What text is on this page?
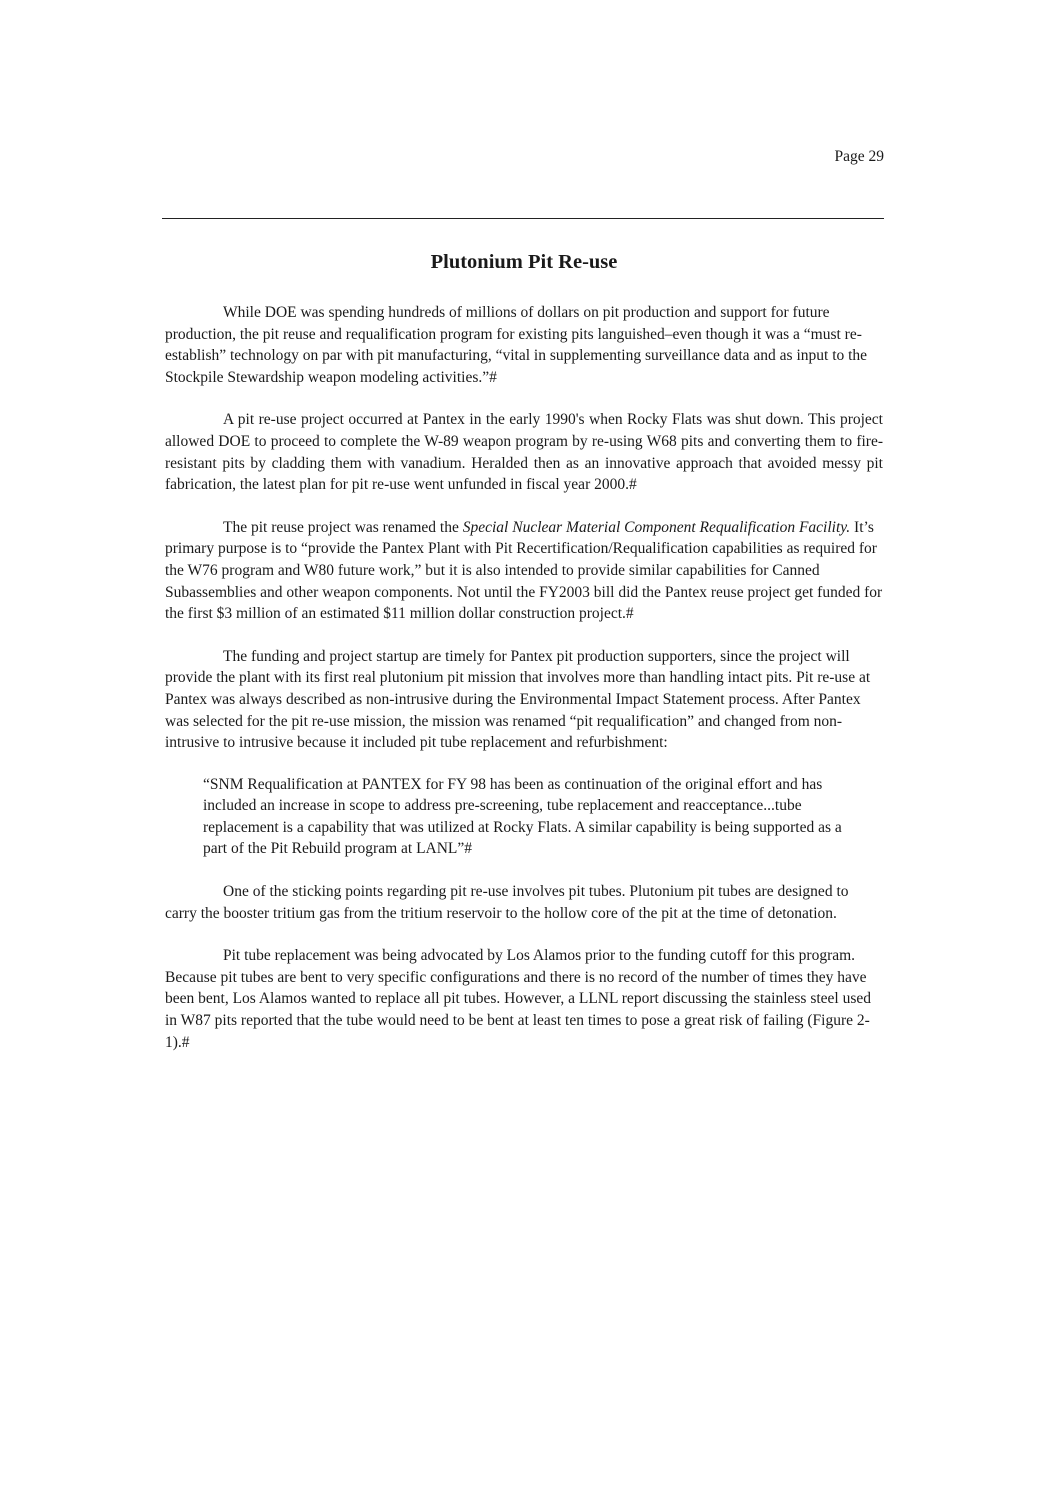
Page 29
Plutonium Pit Re-use

While DOE was spending hundreds of millions of dollars on pit production and support for future production, the pit reuse and requalification program for existing pits languished–even though it was a “must re-establish” technology on par with pit manufacturing, “vital in supplementing surveillance data and as input to the Stockpile Stewardship weapon modeling activities.”#

A pit re-use project occurred at Pantex in the early 1990's when Rocky Flats was shut down. This project allowed DOE to proceed to complete the W-89 weapon program by re-using W68 pits and converting them to fire-resistant pits by cladding them with vanadium. Heralded then as an innovative approach that avoided messy pit fabrication, the latest plan for pit re-use went unfunded in fiscal year 2000.#

The pit reuse project was renamed the Special Nuclear Material Component Requalification Facility. It’s primary purpose is to “provide the Pantex Plant with Pit Recertification/Requalification capabilities as required for the W76 program and W80 future work,” but it is also intended to provide similar capabilities for Canned Subassemblies and other weapon components. Not until the FY2003 bill did the Pantex reuse project get funded for the first $3 million of an estimated $11 million dollar construction project.#

The funding and project startup are timely for Pantex pit production supporters, since the project will provide the plant with its first real plutonium pit mission that involves more than handling intact pits. Pit re-use at Pantex was always described as non-intrusive during the Environmental Impact Statement process. After Pantex was selected for the pit re-use mission, the mission was renamed “pit requalification” and changed from non-intrusive to intrusive because it included pit tube replacement and refurbishment:

“SNM Requalification at PANTEX for FY 98 has been as continuation of the original effort and has included an increase in scope to address pre-screening, tube replacement and reacceptance...tube replacement is a capability that was utilized at Rocky Flats. A similar capability is being supported as a part of the Pit Rebuild program at LANL”#

One of the sticking points regarding pit re-use involves pit tubes. Plutonium pit tubes are designed to carry the booster tritium gas from the tritium reservoir to the hollow core of the pit at the time of detonation.

Pit tube replacement was being advocated by Los Alamos prior to the funding cutoff for this program. Because pit tubes are bent to very specific configurations and there is no record of the number of times they have been bent, Los Alamos wanted to replace all pit tubes. However, a LLNL report discussing the stainless steel used in W87 pits reported that the tube would need to be bent at least ten times to pose a great risk of failing (Figure 2-1).#
